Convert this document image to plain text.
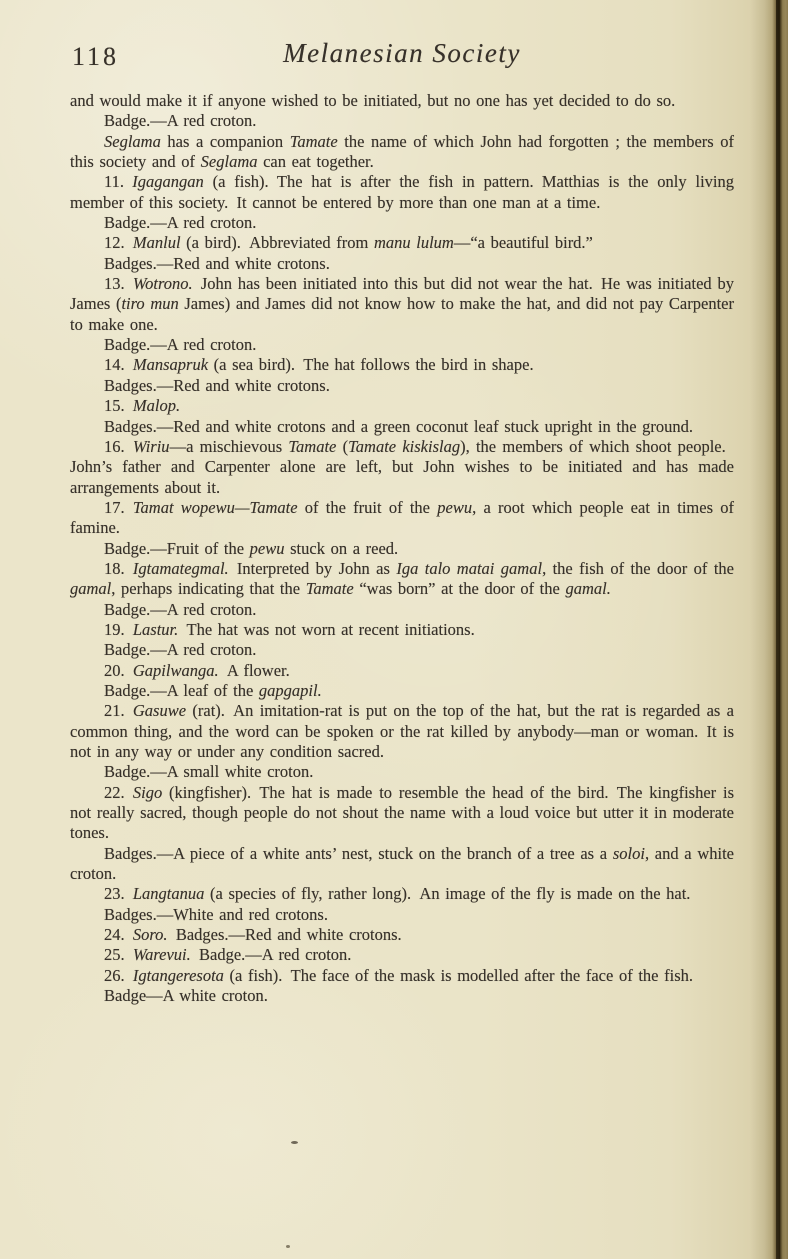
118	Melanesian Society

and would make it if anyone wished to be initiated, but no one has yet decided to do so.

Badge.—A red croton.

Seglama has a companion Tamate the name of which John had forgotten ; the members of this society and of Seglama can eat together.

11. Igagangan (a fish). The hat is after the fish in pattern. Matthias is the only living member of this society. It cannot be entered by more than one man at a time.

Badge.—A red croton.

12. Manlul (a bird). Abbreviated from manu lulum—“a beautiful bird.”

Badges.—Red and white crotons.

13. Wotrono. John has been initiated into this but did not wear the hat. He was initiated by James (tiro mun James) and James did not know how to make the hat, and did not pay Carpenter to make one.

Badge.—A red croton.

14. Mansapruk (a sea bird). The hat follows the bird in shape.

Badges.—Red and white crotons.

15. Malop.

Badges.—Red and white crotons and a green coconut leaf stuck upright in the ground.

16. Wiriu—a mischievous Tamate (Tamate kiskislag), the members of which shoot people. John’s father and Carpenter alone are left, but John wishes to be initiated and has made arrangements about it.

17. Tamat wopewu—Tamate of the fruit of the pewu, a root which people eat in times of famine.

Badge.—Fruit of the pewu stuck on a reed.

18. Igtamategmal. Interpreted by John as Iga talo matai gamal, the fish of the door of the gamal, perhaps indicating that the Tamate “was born” at the door of the gamal.

Badge.—A red croton.

19. Lastur. The hat was not worn at recent initiations.

Badge.—A red croton.

20. Gapilwanga. A flower.

Badge.—A leaf of the gapgapil.

21. Gasuwe (rat). An imitation-rat is put on the top of the hat, but the rat is regarded as a common thing, and the word can be spoken or the rat killed by anybody—man or woman. It is not in any way or under any condition sacred.

Badge.—A small white croton.

22. Sigo (kingfisher). The hat is made to resemble the head of the bird. The kingfisher is not really sacred, though people do not shout the name with a loud voice but utter it in moderate tones.

Badges.—A piece of a white ants’ nest, stuck on the branch of a tree as a soloi, and a white croton.

23. Langtanua (a species of fly, rather long). An image of the fly is made on the hat.

Badges.—White and red crotons.

24. Soro. Badges.—Red and white crotons.

25. Warevui. Badge.—A red croton.

26. Igtangeresota (a fish). The face of the mask is modelled after the face of the fish.

Badge—A white croton.
